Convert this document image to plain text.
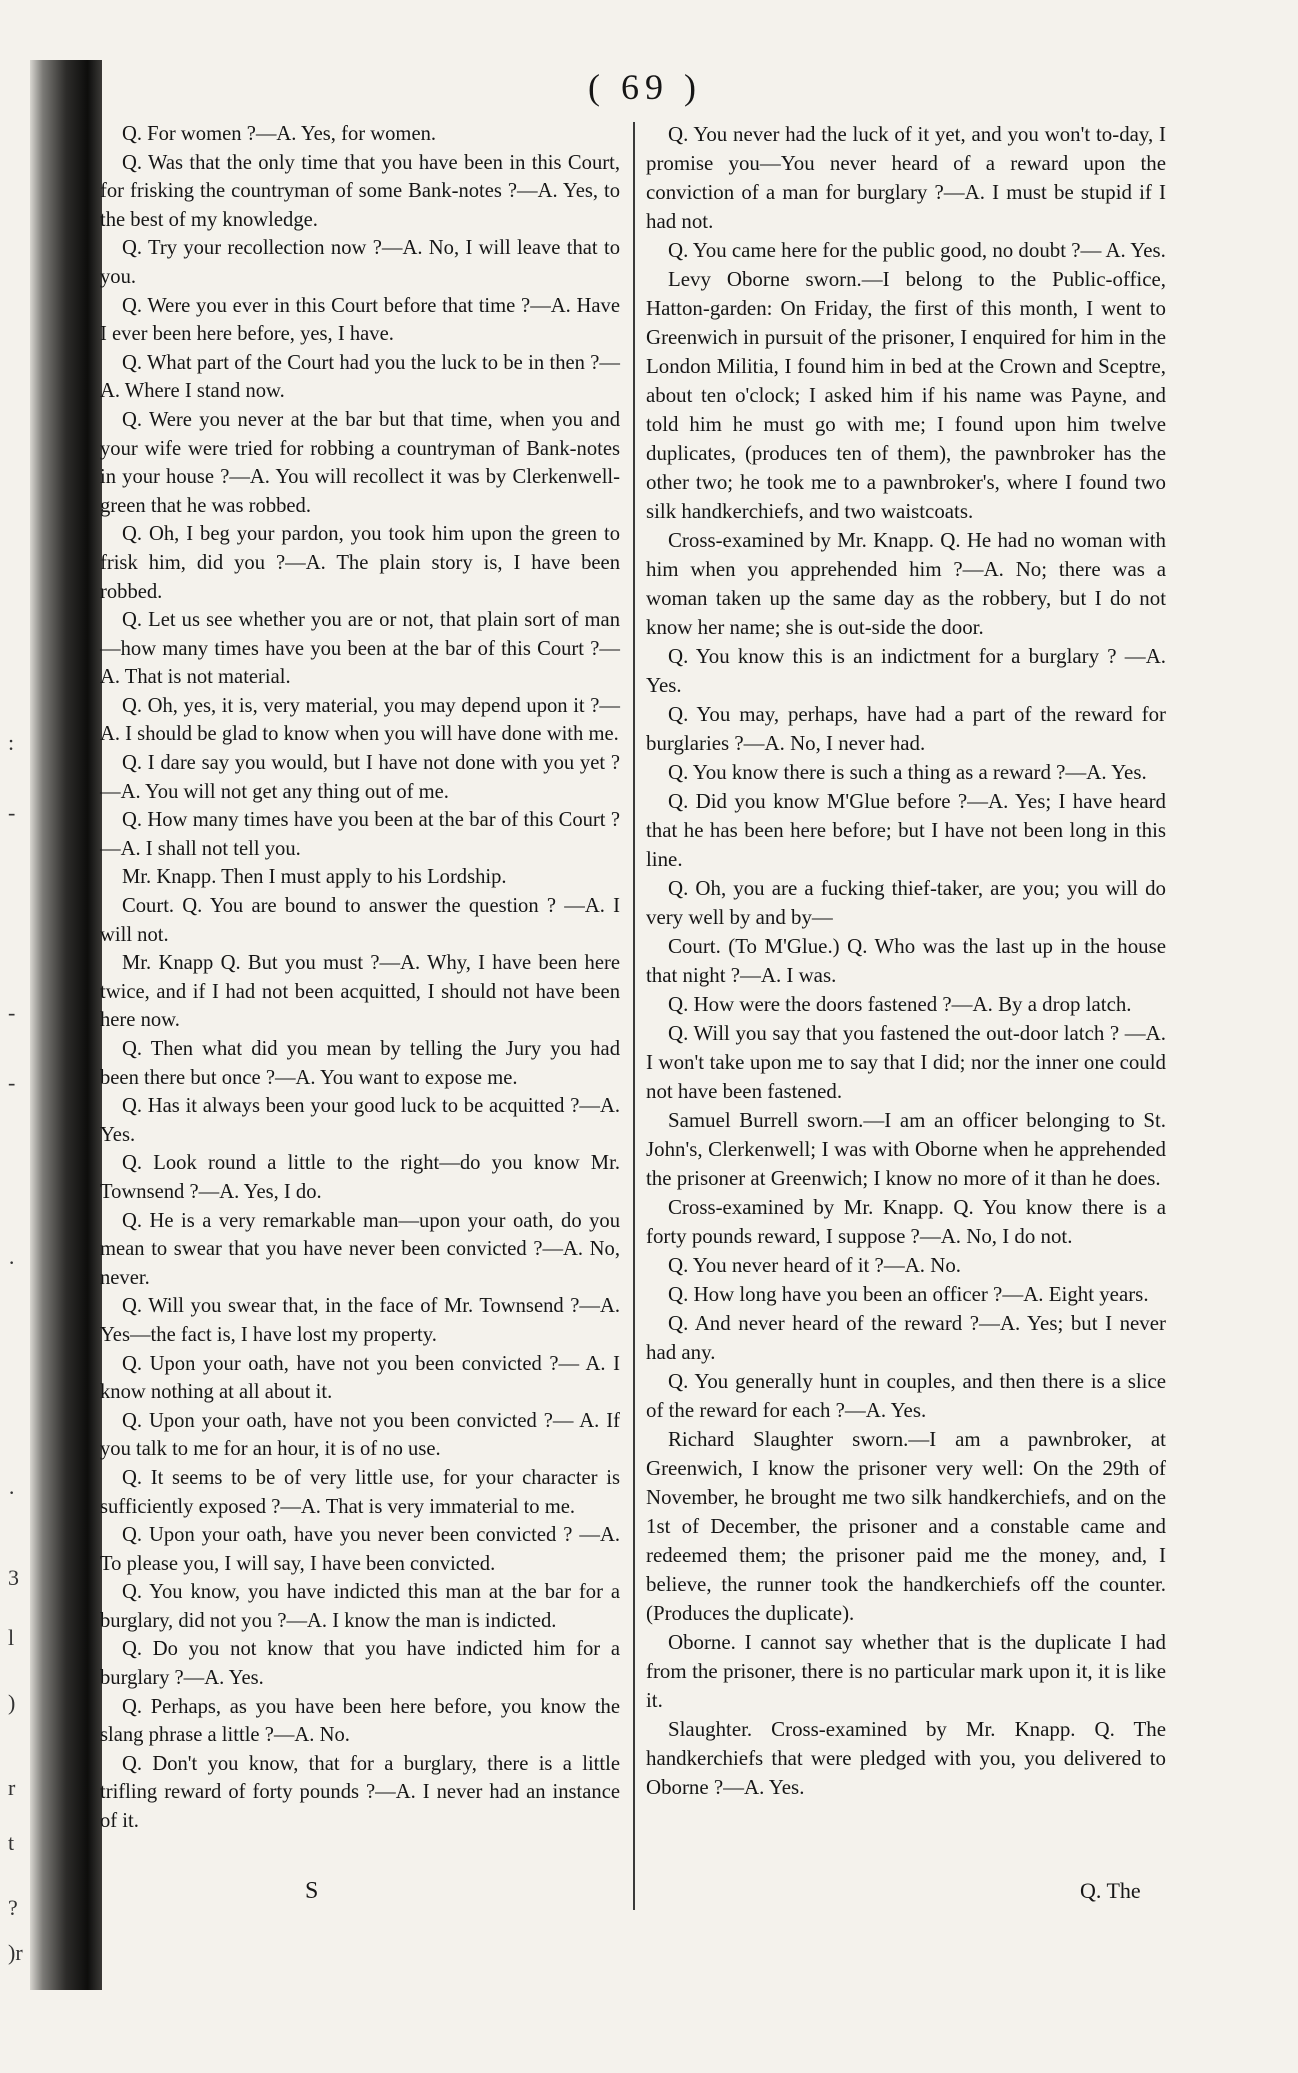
:
-
-
-
·
·
3
l
)
r
t
?
)r
( 69 )

Q. For women ?—A. Yes, for women.

Q. Was that the only time that you have been in this Court, for frisking the countryman of some Bank-notes ?—A. Yes, to the best of my knowledge.

Q. Try your recollection now ?—A. No, I will leave that to you.

Q. Were you ever in this Court before that time ?—A. Have I ever been here before, yes, I have.

Q. What part of the Court had you the luck to be in then ?—A. Where I stand now.

Q. Were you never at the bar but that time, when you and your wife were tried for robbing a countryman of Bank-notes in your house ?—A. You will recollect it was by Clerkenwell-green that he was robbed.

Q. Oh, I beg your pardon, you took him upon the green to frisk him, did you ?—A. The plain story is, I have been robbed.

Q. Let us see whether you are or not, that plain sort of man—how many times have you been at the bar of this Court ?—A. That is not material.

Q. Oh, yes, it is, very material, you may depend upon it ?—A. I should be glad to know when you will have done with me.

Q. I dare say you would, but I have not done with you yet ?—A. You will not get any thing out of me.

Q. How many times have you been at the bar of this Court ?—A. I shall not tell you.

Mr. Knapp. Then I must apply to his Lordship.

Court. Q. You are bound to answer the question ? —A. I will not.

Mr. Knapp Q. But you must ?—A. Why, I have been here twice, and if I had not been acquitted, I should not have been here now.

Q. Then what did you mean by telling the Jury you had been there but once ?—A. You want to expose me.

Q. Has it always been your good luck to be acquitted ?—A. Yes.

Q. Look round a little to the right—do you know Mr. Townsend ?—A. Yes, I do.

Q. He is a very remarkable man—upon your oath, do you mean to swear that you have never been convicted ?—A. No, never.

Q. Will you swear that, in the face of Mr. Townsend ?—A. Yes—the fact is, I have lost my property.

Q. Upon your oath, have not you been convicted ?— A. I know nothing at all about it.

Q. Upon your oath, have not you been convicted ?— A. If you talk to me for an hour, it is of no use.

Q. It seems to be of very little use, for your character is sufficiently exposed ?—A. That is very immaterial to me.

Q. Upon your oath, have you never been convicted ? —A. To please you, I will say, I have been convicted.

Q. You know, you have indicted this man at the bar for a burglary, did not you ?—A. I know the man is indicted.

Q. Do you not know that you have indicted him for a burglary ?—A. Yes.

Q. Perhaps, as you have been here before, you know the slang phrase a little ?—A. No.

Q. Don't you know, that for a burglary, there is a little trifling reward of forty pounds ?—A. I never had an instance of it.

Q. You never had the luck of it yet, and you won't to-day, I promise you—You never heard of a reward upon the conviction of a man for burglary ?—A. I must be stupid if I had not.

Q. You came here for the public good, no doubt ?— A. Yes.

Levy Oborne sworn.—I belong to the Public-office, Hatton-garden: On Friday, the first of this month, I went to Greenwich in pursuit of the prisoner, I enquired for him in the London Militia, I found him in bed at the Crown and Sceptre, about ten o'clock; I asked him if his name was Payne, and told him he must go with me; I found upon him twelve duplicates, (produces ten of them), the pawnbroker has the other two; he took me to a pawnbroker's, where I found two silk handkerchiefs, and two waistcoats.

Cross-examined by Mr. Knapp. Q. He had no woman with him when you apprehended him ?—A. No; there was a woman taken up the same day as the robbery, but I do not know her name; she is out-side the door.

Q. You know this is an indictment for a burglary ? —A. Yes.

Q. You may, perhaps, have had a part of the reward for burglaries ?—A. No, I never had.

Q. You know there is such a thing as a reward ?—A. Yes.

Q. Did you know M'Glue before ?—A. Yes; I have heard that he has been here before; but I have not been long in this line.

Q. Oh, you are a fucking thief-taker, are you; you will do very well by and by—

Court. (To M'Glue.) Q. Who was the last up in the house that night ?—A. I was.

Q. How were the doors fastened ?—A. By a drop latch.

Q. Will you say that you fastened the out-door latch ? —A. I won't take upon me to say that I did; nor the inner one could not have been fastened.

Samuel Burrell sworn.—I am an officer belonging to St. John's, Clerkenwell; I was with Oborne when he apprehended the prisoner at Greenwich; I know no more of it than he does.

Cross-examined by Mr. Knapp. Q. You know there is a forty pounds reward, I suppose ?—A. No, I do not.

Q. You never heard of it ?—A. No.

Q. How long have you been an officer ?—A. Eight years.

Q. And never heard of the reward ?—A. Yes; but I never had any.

Q. You generally hunt in couples, and then there is a slice of the reward for each ?—A. Yes.

Richard Slaughter sworn.—I am a pawnbroker, at Greenwich, I know the prisoner very well: On the 29th of November, he brought me two silk handkerchiefs, and on the 1st of December, the prisoner and a constable came and redeemed them; the prisoner paid me the money, and, I believe, the runner took the handkerchiefs off the counter. (Produces the duplicate).

Oborne. I cannot say whether that is the duplicate I had from the prisoner, there is no particular mark upon it, it is like it.

Slaughter. Cross-examined by Mr. Knapp. Q. The handkerchiefs that were pledged with you, you delivered to Oborne ?—A. Yes.

S	Q. The
